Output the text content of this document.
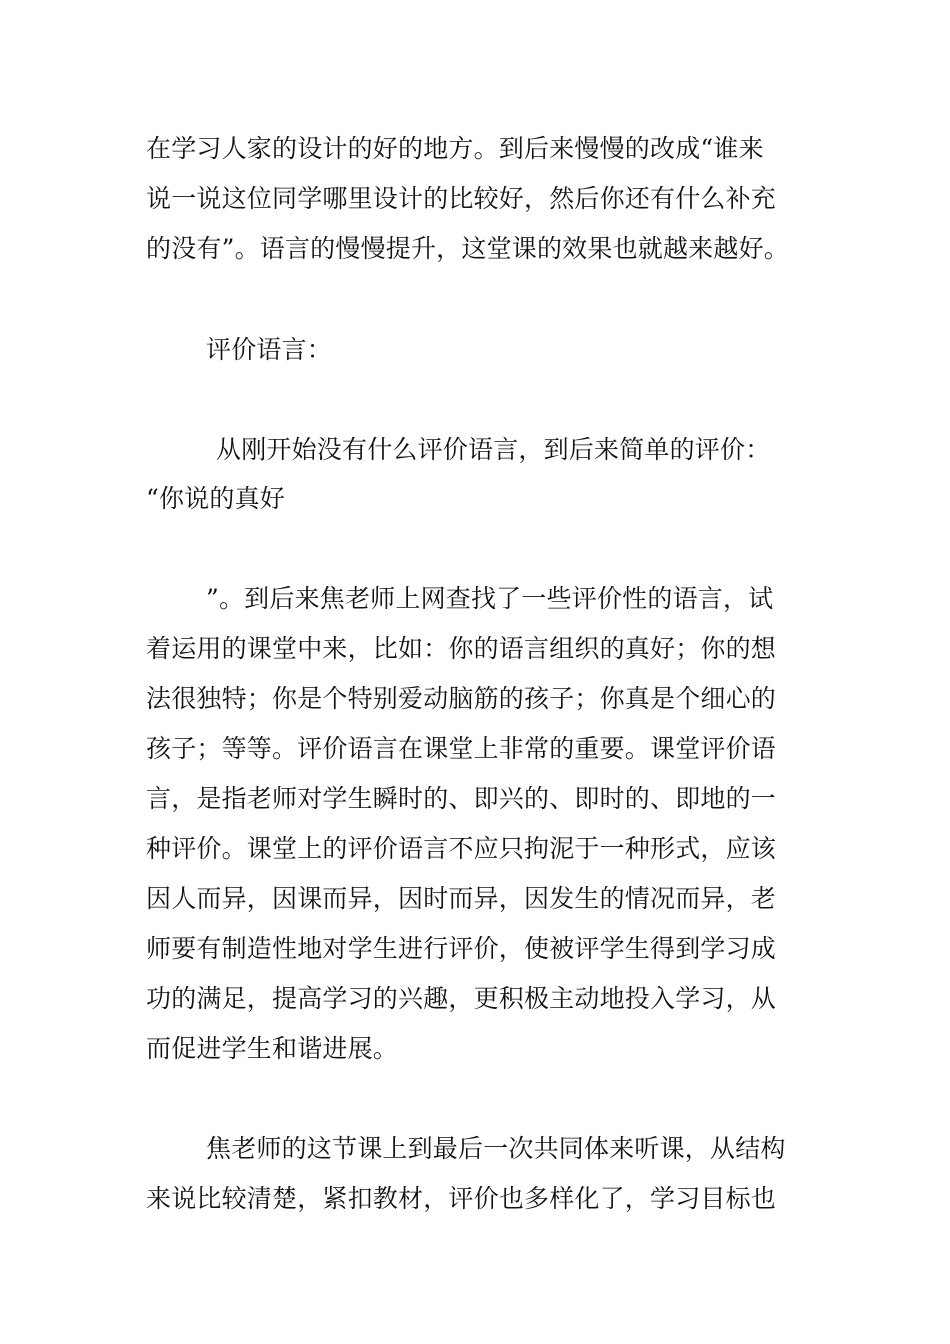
在学习人家的设计的好的地方。到后来慢慢的改成“谁来
说一说这位同学哪里设计的比较好，然后你还有什么补充
的没有”。语言的慢慢提升，这堂课的效果也就越来越好。
评价语言：
从刚开始没有什么评价语言，到后来简单的评价：
“你说的真好
”。到后来焦老师上网查找了一些评价性的语言，试
着运用的课堂中来，比如：你的语言组织的真好；你的想
法很独特；你是个特别爱动脑筋的孩子；你真是个细心的
孩子；等等。评价语言在课堂上非常的重要。课堂评价语
言，是指老师对学生瞬时的、即兴的、即时的、即地的一
种评价。课堂上的评价语言不应只拘泥于一种形式，应该
因人而异，因课而异，因时而异，因发生的情况而异，老
师要有制造性地对学生进行评价，使被评学生得到学习成
功的满足，提高学习的兴趣，更积极主动地投入学习，从
而促进学生和谐进展。
焦老师的这节课上到最后一次共同体来听课，从结构
来说比较清楚，紧扣教材，评价也多样化了，学习目标也
